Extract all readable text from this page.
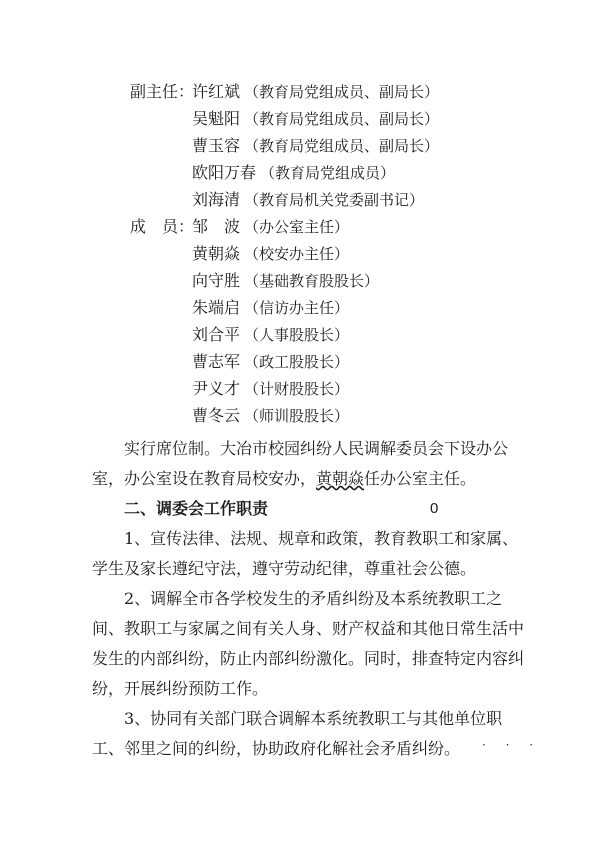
副主任：
许红斌 （教育局党组成员、副局长）
吴魁阳 （教育局党组成员、副局长）
曹玉容 （教育局党组成员、副局长）
欧阳万春 （教育局党组成员）
刘海清 （教育局机关党委副书记）
成　员：
邹　波 （办公室主任）
黄朝焱 （校安办主任）
向守胜 （基础教育股股长）
朱端启 （信访办主任）
刘合平 （人事股股长）
曹志军 （政工股股长）
尹义才 （计财股股长）
曹冬云 （师训股股长）

实行席位制。大冶市校园纠纷人民调解委员会下设办公室，办公室设在教育局校安办，黄朝焱任办公室主任。

二、调委会工作职责	0

1、宣传法律、法规、规章和政策，教育教职工和家属、学生及家长遵纪守法，遵守劳动纪律，尊重社会公德。

2、调解全市各学校发生的矛盾纠纷及本系统教职工之间、教职工与家属之间有关人身、财产权益和其他日常生活中发生的内部纠纷，防止内部纠纷激化。同时，排查特定内容纠纷，开展纠纷预防工作。

3、协同有关部门联合调解本系统教职工与其他单位职工、邻里之间的纠纷，协助政府化解社会矛盾纠纷。	· · ·
